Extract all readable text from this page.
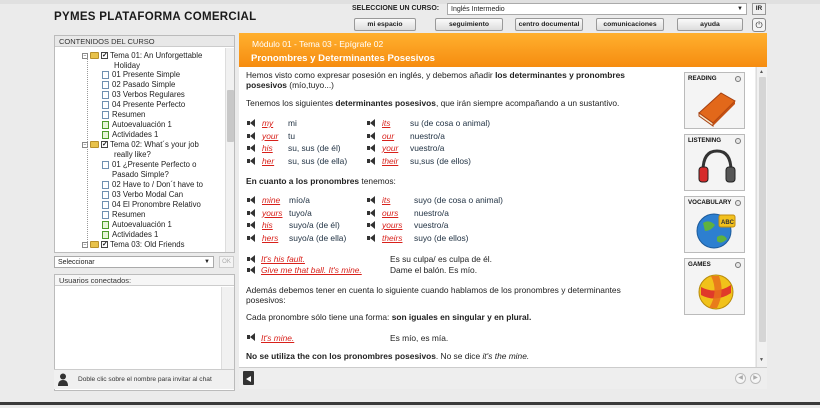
PYMES PLATAFORMA COMERCIAL
SELECCIONE UN CURSO:	Inglés Intermedio	▼	IR
mi espacio	seguimiento	centro documental	comunicaciones	ayuda	⏻
CONTENIDOS DEL CURSO
− ✓ Tema 01: An Unforgettable
Holiday
01 Presente Simple
02 Pasado Simple
03 Verbos Regulares
04 Presente Perfecto
Resumen
Autoevaluación 1
Actividades 1
− ✓ Tema 02: What´s your job
really like?
01 ¿Presente Perfecto o
Pasado Simple?
02 Have to / Don´t have to
03 Verbo Modal Can
04 El Pronombre Relativo
Resumen
Autoevaluación 1
Actividades 1
− ✓ Tema 03: Old Friends
Seleccionar	▼	OK
Usuarios conectados:
Doble clic sobre el nombre para invitar al chat
Módulo 01 - Tema 03 - Epígrafe 02
Pronombres y Determinantes Posesivos
Hemos visto como expresar posesión en inglés, y debemos añadir los determinantes y pronombres
posesivos (mío,tuyo...)
Tenemos los siguientes determinantes posesivos, que irán siempre acompañando a un sustantivo.
my mi
your tu
his su, sus (de él)
her su, sus (de ella)
its su (de cosa o animal)
our nuestro/a
your vuestro/a
their su,sus (de ellos)
En cuanto a los pronombres tenemos:
mine mío/a
yours tuyo/a
his suyo/a (de él)
hers suyo/a (de ella)
its	suyo (de cosa o animal)
ours nuestro/a
yours vuestro/a
theirs suyo (de ellos)
It's his fault.	Es su culpa/ es culpa de él.
Give me that ball. It's mine.	Dame el balón. Es mío.
Además debemos tener en cuenta lo siguiente cuando hablamos de los pronombres y determinantes
posesivos:
Cada pronombre sólo tiene una forma: son iguales en singular y en plural.
It's mine.	Es mío, es mía.
No se utiliza the con los pronombres posesivos. No se dice it's the mine.
READING
LISTENING
VOCABULARY
ABC
GAMES
▲
▼
◀	▶
